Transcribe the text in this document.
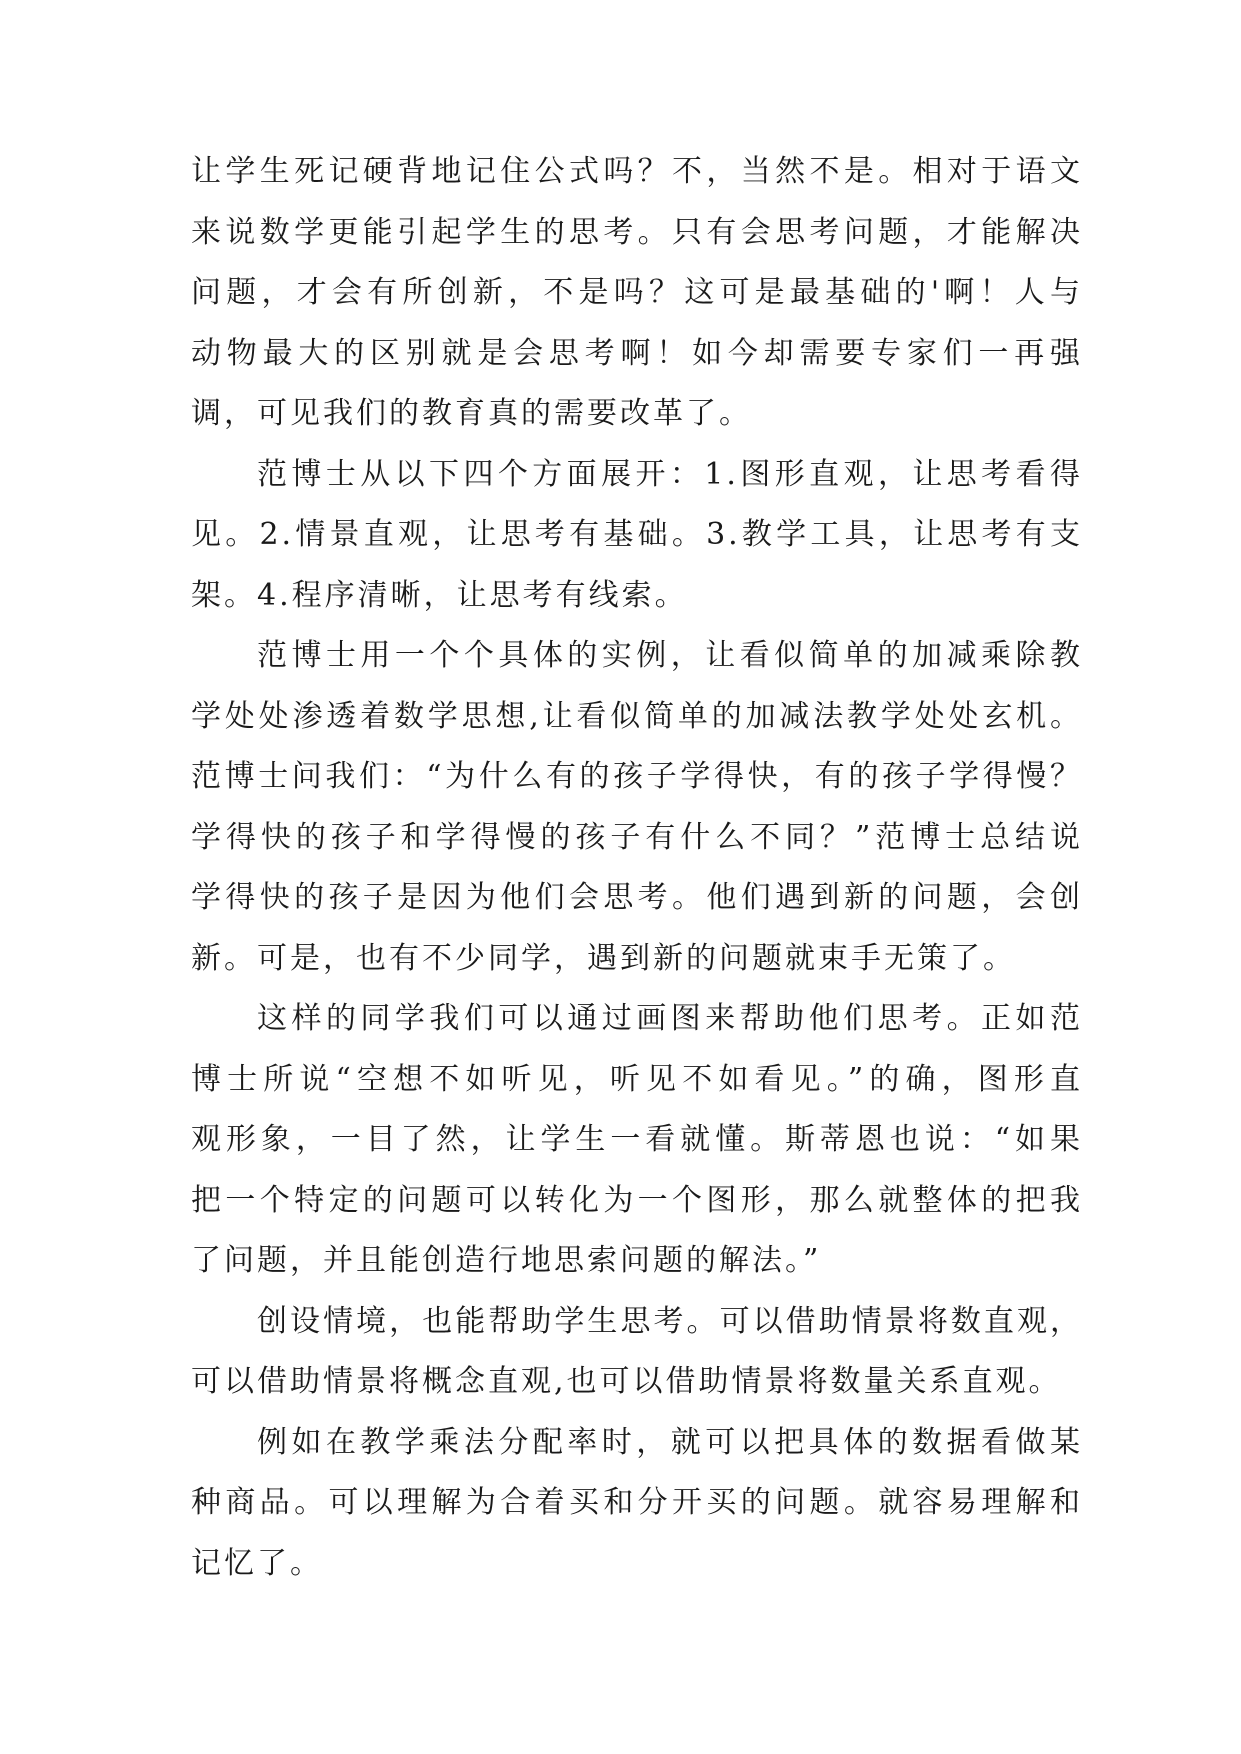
让学生死记硬背地记住公式吗？不，当然不是。相对于语文
来说数学更能引起学生的思考。只有会思考问题，才能解决
问题，才会有所创新，不是吗？这可是最基础的'啊！人与
动物最大的区别就是会思考啊！如今却需要专家们一再强
调，可见我们的教育真的需要改革了。
范博士从以下四个方面展开：1.图形直观，让思考看得
见。2.情景直观，让思考有基础。3.教学工具，让思考有支
架。4.程序清晰，让思考有线索。
范博士用一个个具体的实例，让看似简单的加减乘除教
学处处渗透着数学思想,让看似简单的加减法教学处处玄机。
范博士问我们：“为什么有的孩子学得快，有的孩子学得慢？
学得快的孩子和学得慢的孩子有什么不同？”范博士总结说
学得快的孩子是因为他们会思考。他们遇到新的问题，会创
新。可是，也有不少同学，遇到新的问题就束手无策了。
这样的同学我们可以通过画图来帮助他们思考。正如范
博士所说“空想不如听见，听见不如看见。”的确，图形直
观形象，一目了然，让学生一看就懂。斯蒂恩也说：“如果
把一个特定的问题可以转化为一个图形，那么就整体的把我
了问题，并且能创造行地思索问题的解法。”
创设情境，也能帮助学生思考。可以借助情景将数直观，
可以借助情景将概念直观,也可以借助情景将数量关系直观。
例如在教学乘法分配率时，就可以把具体的数据看做某
种商品。可以理解为合着买和分开买的问题。就容易理解和
记忆了。
